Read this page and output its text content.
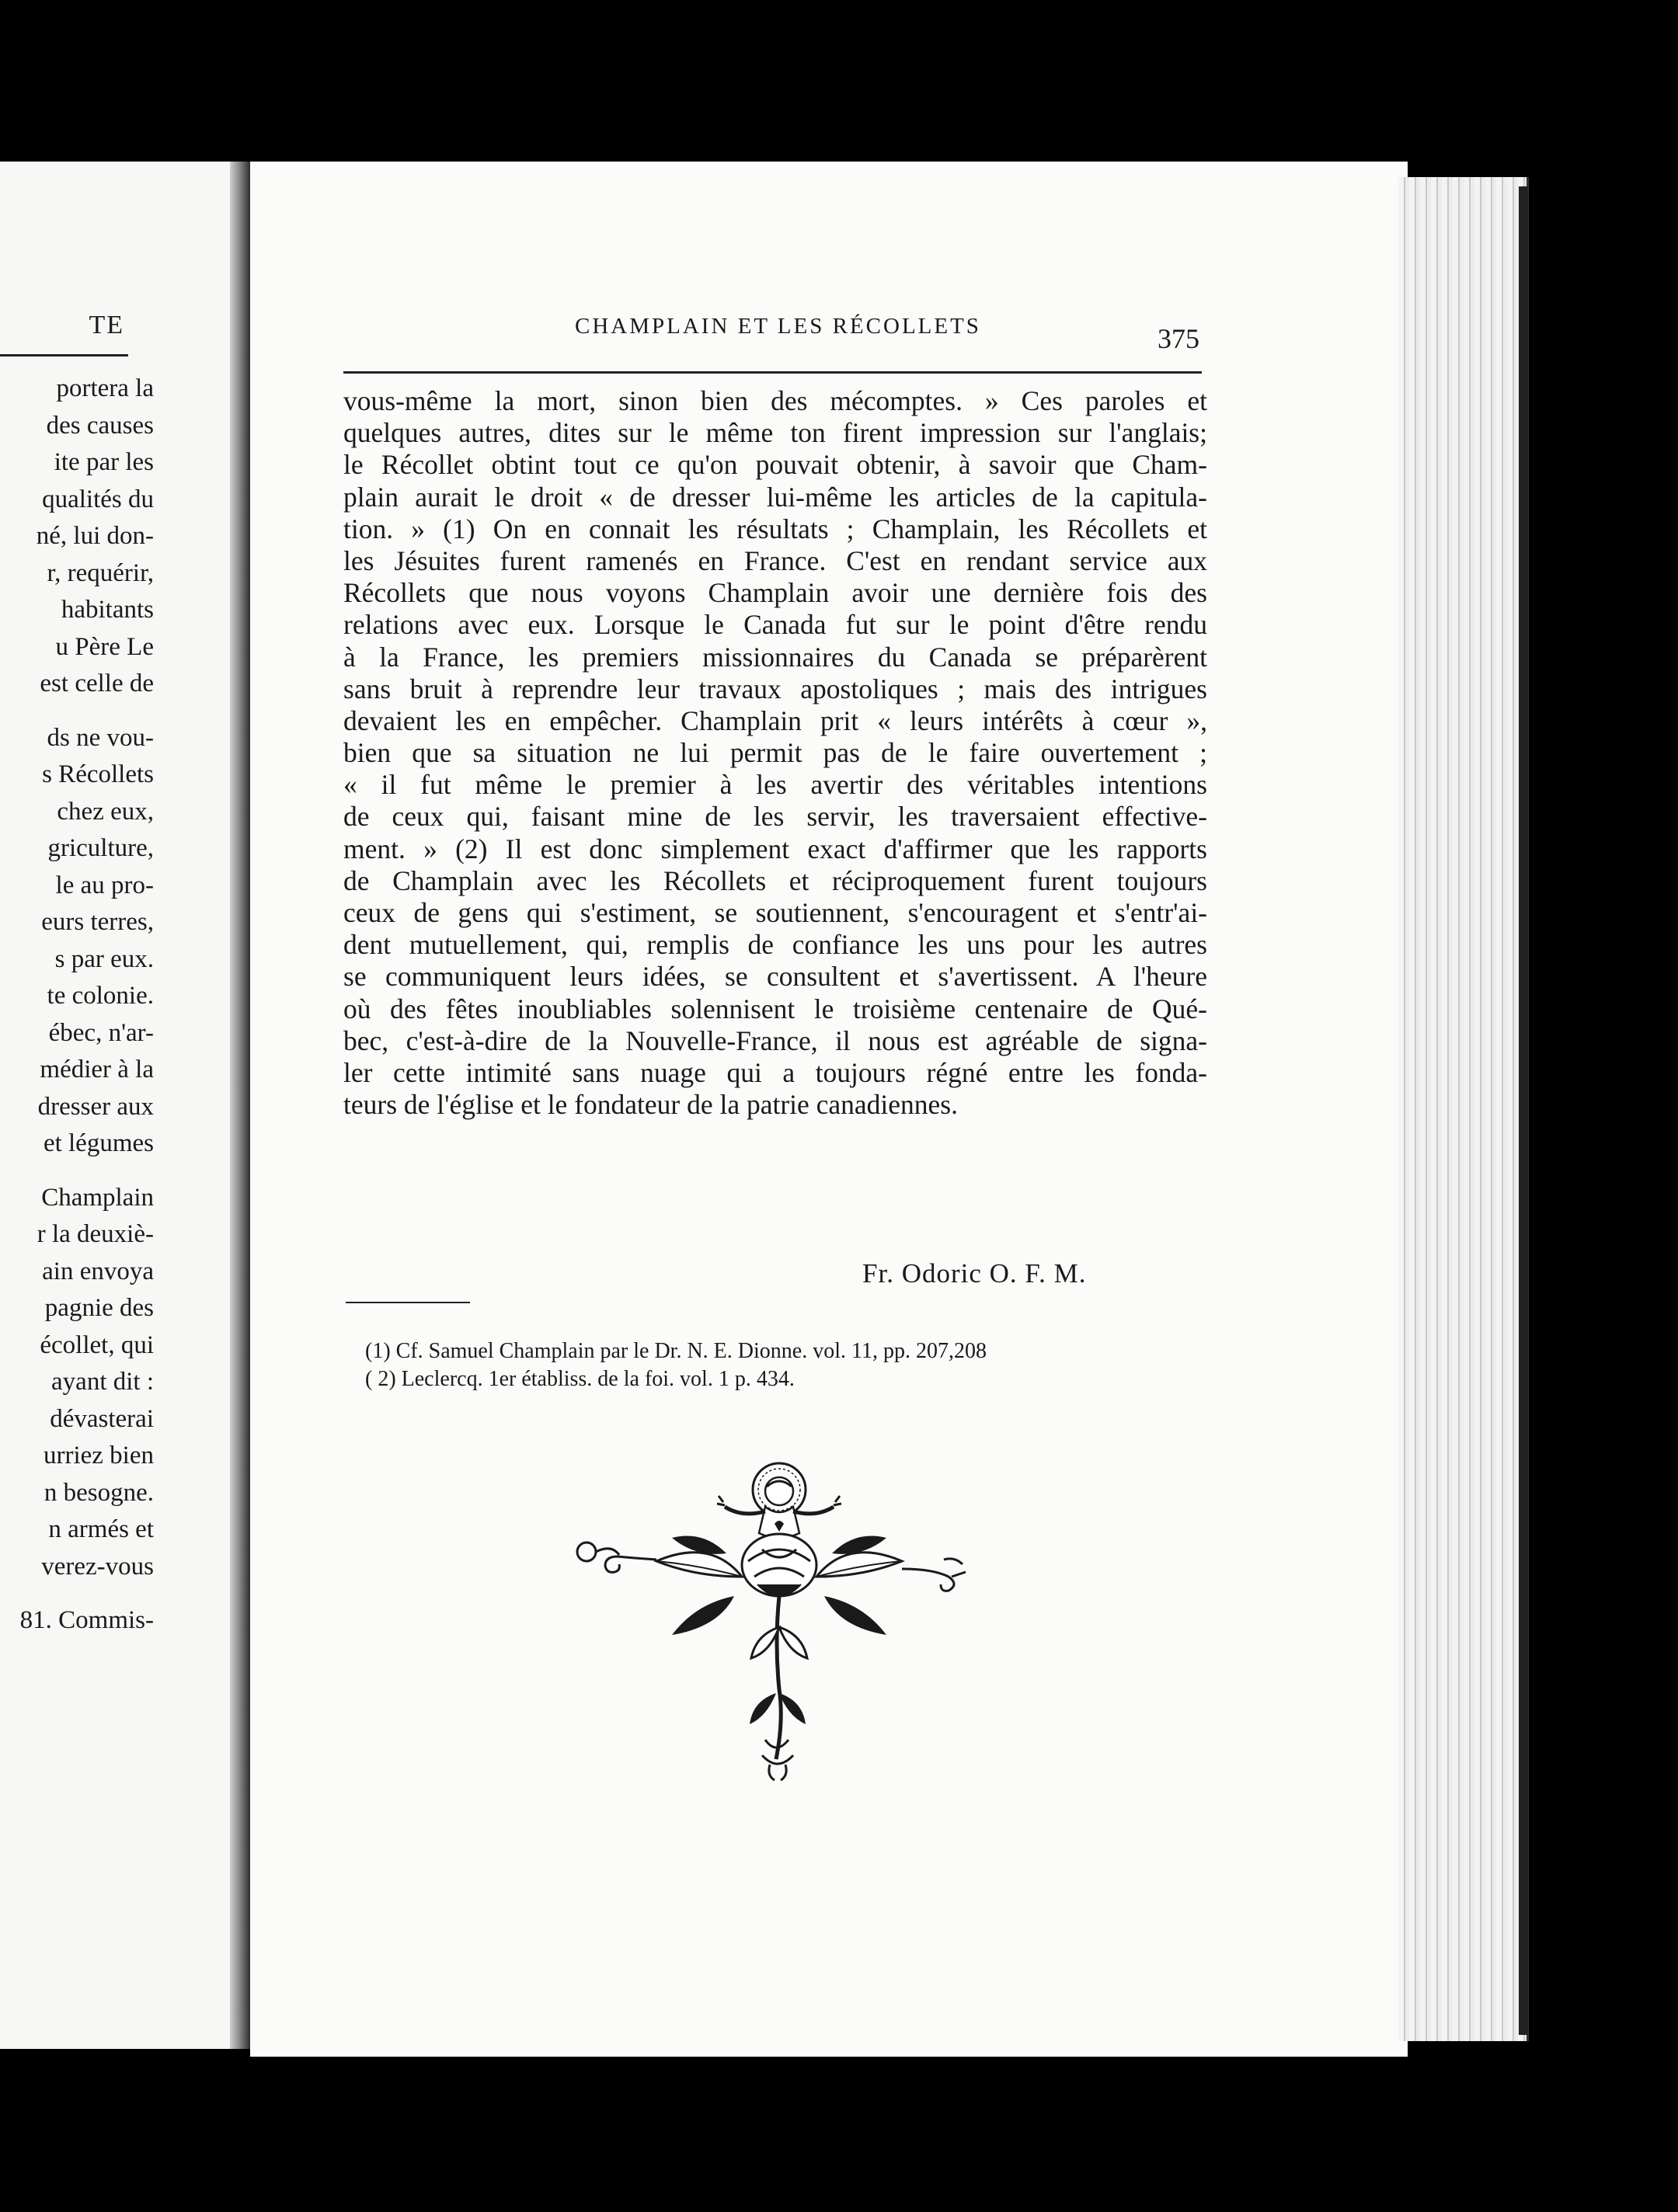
TE
portera la
des causes
ite par les
qualités du
né, lui don-
r, requérir,
habitants
u Père Le
est celle de
ds ne vou-
s Récollets
chez eux,
griculture,
le au pro-
eurs terres,
s par eux.
te colonie.
ébec, n'ar-
médier à la
dresser aux
et légumes
Champlain
r la deuxiè-
ain envoya
pagnie des
écollet, qui
ayant dit :
dévasterai
urriez bien
n besogne.
n armés et
verez-vous
81. Commis-
CHAMPLAIN ET LES RÉCOLLETS	375
vous-même la mort, sinon bien des mécomptes. » Ces paroles et
quelques autres, dites sur le même ton firent impression sur l'anglais;
le Récollet obtint tout ce qu'on pouvait obtenir, à savoir que Cham-
plain aurait le droit « de dresser lui-même les articles de la capitula-
tion. » (1) On en connait les résultats ; Champlain, les Récollets et
les Jésuites furent ramenés en France. C'est en rendant service aux
Récollets que nous voyons Champlain avoir une dernière fois des
relations avec eux. Lorsque le Canada fut sur le point d'être rendu
à la France, les premiers missionnaires du Canada se préparèrent
sans bruit à reprendre leur travaux apostoliques ; mais des intrigues
devaient les en empêcher. Champlain prit « leurs intérêts à cœur »,
bien que sa situation ne lui permit pas de le faire ouvertement ;
« il fut même le premier à les avertir des véritables intentions
de ceux qui, faisant mine de les servir, les traversaient effective-
ment. » (2) Il est donc simplement exact d'affirmer que les rapports
de Champlain avec les Récollets et réciproquement furent toujours
ceux de gens qui s'estiment, se soutiennent, s'encouragent et s'entr'ai-
dent mutuellement, qui, remplis de confiance les uns pour les autres
se communiquent leurs idées, se consultent et s'avertissent. A l'heure
où des fêtes inoubliables solennisent le troisième centenaire de Qué-
bec, c'est-à-dire de la Nouvelle-France, il nous est agréable de signa-
ler cette intimité sans nuage qui a toujours régné entre les fonda-
teurs de l'église et le fondateur de la patrie canadiennes.
Fr. Odoric O. F. M.
(1) Cf. Samuel Champlain par le Dr. N. E. Dionne. vol. 11, pp. 207,208
( 2) Leclercq. 1er établiss. de la foi. vol. 1 p. 434.
